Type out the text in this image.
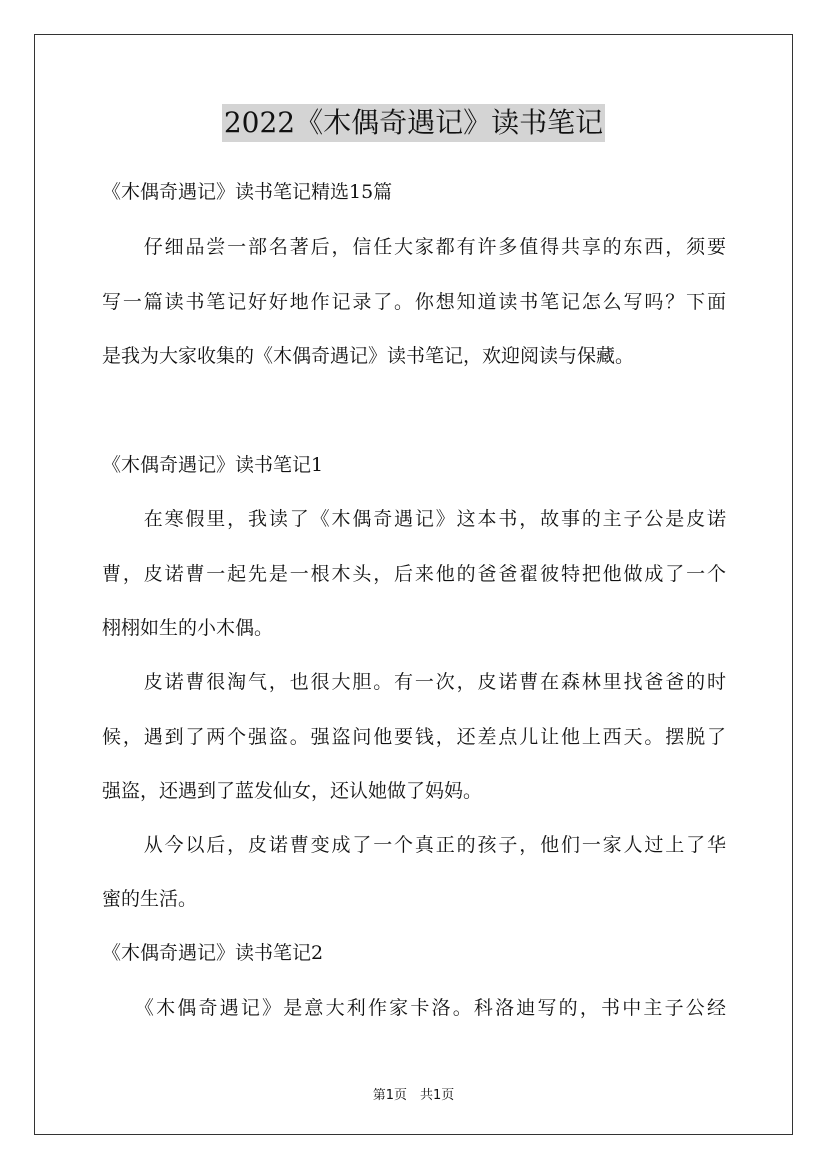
2022《木偶奇遇记》读书笔记
《木偶奇遇记》读书笔记精选15篇
　　仔细品尝一部名著后，信任大家都有许多值得共享的东西，须要
写一篇读书笔记好好地作记录了。你想知道读书笔记怎么写吗？下面
是我为大家收集的《木偶奇遇记》读书笔记，欢迎阅读与保藏。
《木偶奇遇记》读书笔记1
　　在寒假里，我读了《木偶奇遇记》这本书，故事的主子公是皮诺
曹，皮诺曹一起先是一根木头，后来他的爸爸翟彼特把他做成了一个
栩栩如生的小木偶。
　　皮诺曹很淘气，也很大胆。有一次，皮诺曹在森林里找爸爸的时
候，遇到了两个强盗。强盗问他要钱，还差点儿让他上西天。摆脱了
强盗，还遇到了蓝发仙女，还认她做了妈妈。
　　从今以后，皮诺曹变成了一个真正的孩子，他们一家人过上了华
蜜的生活。
《木偶奇遇记》读书笔记2
　　《木偶奇遇记》是意大利作家卡洛。科洛迪写的，书中主子公经
第1页　共1页
